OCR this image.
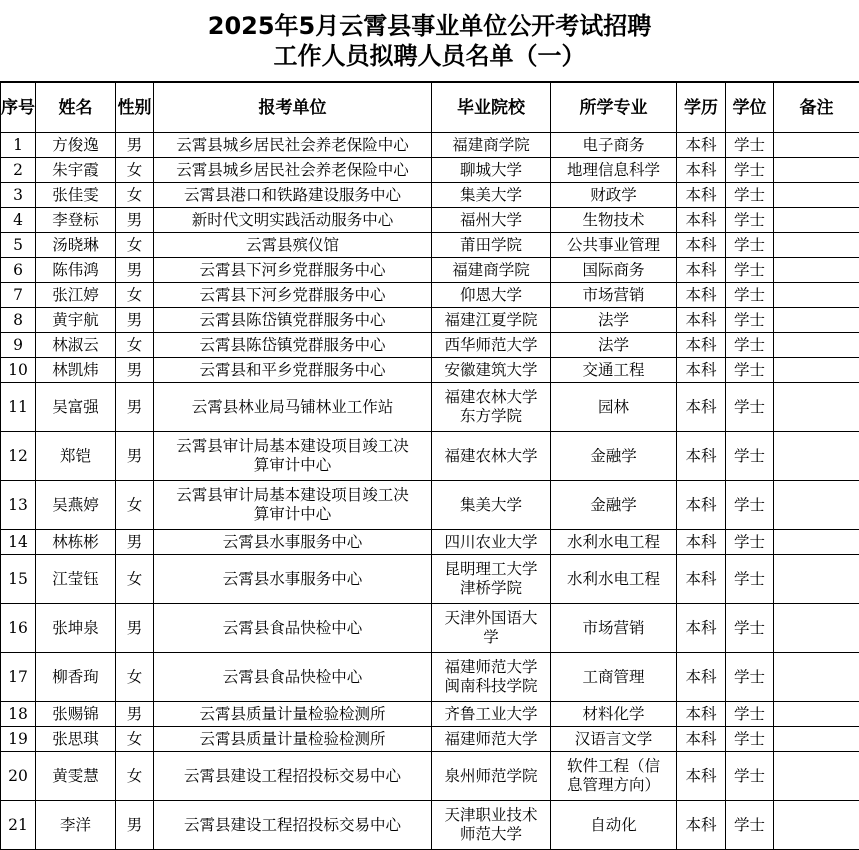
2025年5月云霄县事业单位公开考试招聘
工作人员拟聘人员名单（一）
序号	姓名	性别	报考单位	毕业院校	所学专业	学历	学位	备注
1	方俊逸	男	云霄县城乡居民社会养老保险中心	福建商学院	电子商务	本科	学士	
2	朱宇霞	女	云霄县城乡居民社会养老保险中心	聊城大学	地理信息科学	本科	学士	
3	张佳雯	女	云霄县港口和铁路建设服务中心	集美大学	财政学	本科	学士	
4	李登标	男	新时代文明实践活动服务中心	福州大学	生物技术	本科	学士	
5	汤晓琳	女	云霄县殡仪馆	莆田学院	公共事业管理	本科	学士	
6	陈伟鸿	男	云霄县下河乡党群服务中心	福建商学院	国际商务	本科	学士	
7	张江婷	女	云霄县下河乡党群服务中心	仰恩大学	市场营销	本科	学士	
8	黄宇航	男	云霄县陈岱镇党群服务中心	福建江夏学院	法学	本科	学士	
9	林淑云	女	云霄县陈岱镇党群服务中心	西华师范大学	法学	本科	学士	
10	林凯炜	男	云霄县和平乡党群服务中心	安徽建筑大学	交通工程	本科	学士	
11	吴富强	男	云霄县林业局马铺林业工作站	福建农林大学
东方学院	园林	本科	学士	
12	郑铠	男	云霄县审计局基本建设项目竣工决
算审计中心	福建农林大学	金融学	本科	学士	
13	吴燕婷	女	云霄县审计局基本建设项目竣工决
算审计中心	集美大学	金融学	本科	学士	
14	林栋彬	男	云霄县水事服务中心	四川农业大学	水利水电工程	本科	学士	
15	江莹钰	女	云霄县水事服务中心	昆明理工大学
津桥学院	水利水电工程	本科	学士	
16	张坤泉	男	云霄县食品快检中心	天津外国语大
学	市场营销	本科	学士	
17	柳香珣	女	云霄县食品快检中心	福建师范大学
闽南科技学院	工商管理	本科	学士	
18	张赐锦	男	云霄县质量计量检验检测所	齐鲁工业大学	材料化学	本科	学士	
19	张思琪	女	云霄县质量计量检验检测所	福建师范大学	汉语言文学	本科	学士	
20	黄雯慧	女	云霄县建设工程招投标交易中心	泉州师范学院	软件工程（信
息管理方向）	本科	学士	
21	李洋	男	云霄县建设工程招投标交易中心	天津职业技术
师范大学	自动化	本科	学士	
